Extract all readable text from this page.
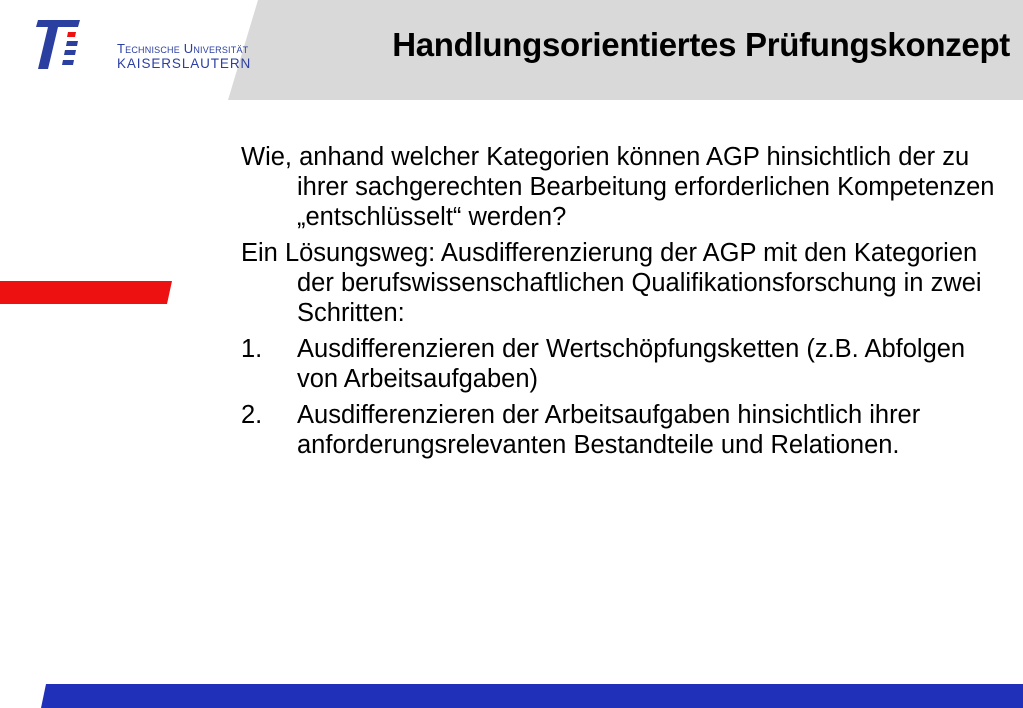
Technische Universität
KAISERSLAUTERN
Handlungsorientiertes Prüfungskonzept

Wie, anhand welcher Kategorien können AGP hinsichtlich der zu ihrer sachgerechten Bearbeitung erforderlichen Kompetenzen „entschlüsselt“ werden?

Ein Lösungsweg: Ausdifferenzierung der AGP mit den Kategorien der berufswissenschaftlichen Qualifikationsforschung in zwei Schritten:

1. Ausdifferenzieren der Wertschöpfungsketten (z.B. Abfolgen von Arbeitsaufgaben)
2. Ausdifferenzieren der Arbeitsaufgaben hinsichtlich ihrer anforderungsrelevanten Bestandteile und Relationen.
